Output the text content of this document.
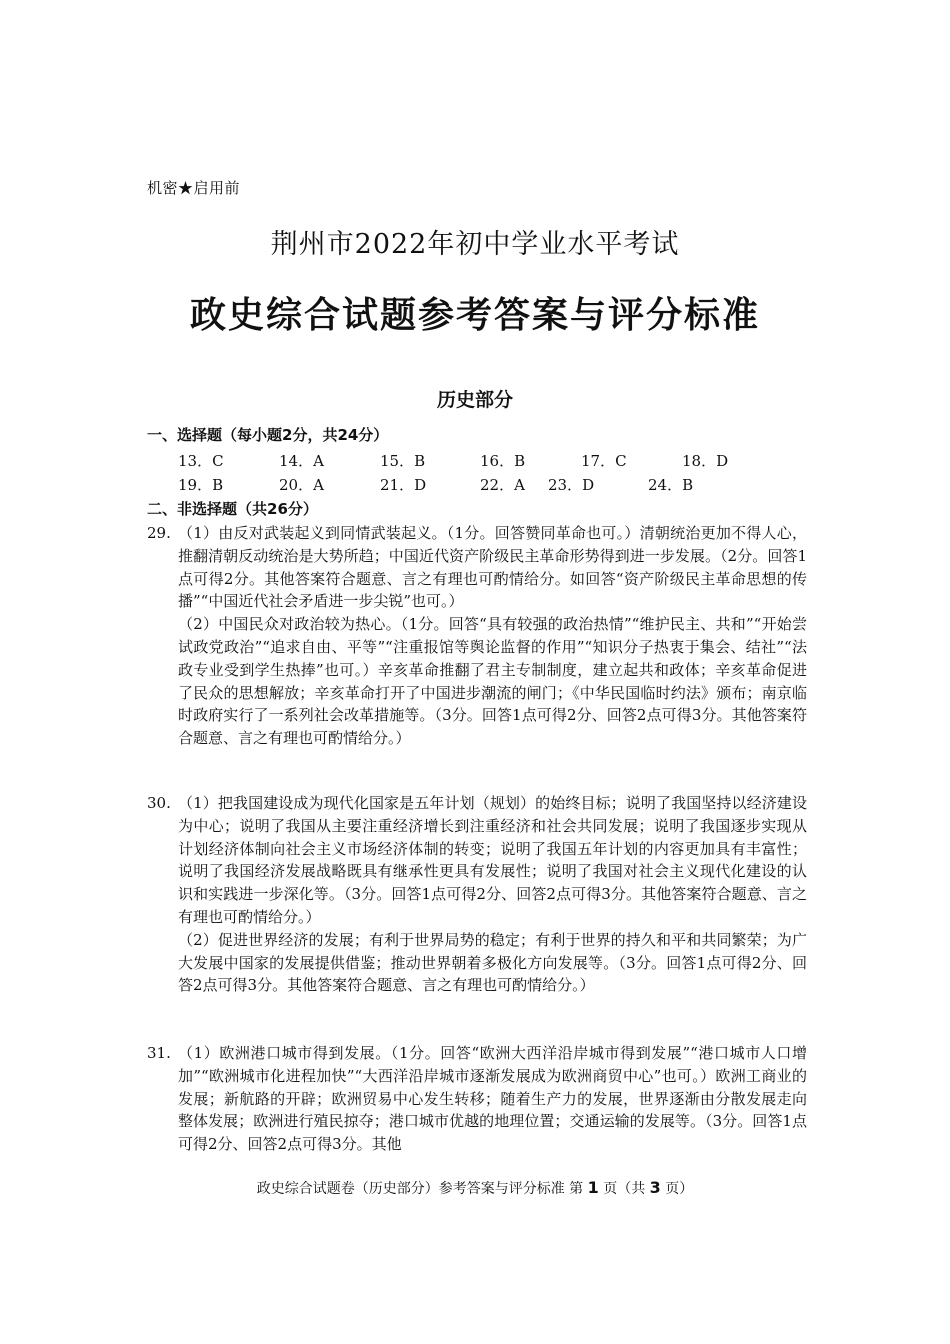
机密★启用前
荆州市2022年初中学业水平考试
政史综合试题参考答案与评分标准
历史部分
一、选择题（每小题2分，共24分）
13．C	14．A	15．B	16．B	17．C	18．D
19．B	20．A	21．D	22．A 23．D	24．B
二、非选择题（共26分）
29. （1）由反对武装起义到同情武装起义。（1分。回答赞同革命也可。）清朝统治更加不得人心，推翻清朝反动统治是大势所趋；中国近代资产阶级民主革命形势得到进一步发展。（2分。回答1点可得2分。其他答案符合题意、言之有理也可酌情给分。如回答“资产阶级民主革命思想的传播”“中国近代社会矛盾进一步尖锐”也可。）

（2）中国民众对政治较为热心。（1分。回答“具有较强的政治热情”“维护民主、共和”“开始尝试政党政治”“追求自由、平等”“注重报馆等舆论监督的作用”“知识分子热衷于集会、结社”“法政专业受到学生热捧”也可。）辛亥革命推翻了君主专制制度，建立起共和政体；辛亥革命促进了民众的思想解放；辛亥革命打开了中国进步潮流的闸门；《中华民国临时约法》颁布；南京临时政府实行了一系列社会改革措施等。（3分。回答1点可得2分、回答2点可得3分。其他答案符合题意、言之有理也可酌情给分。）

30. （1）把我国建设成为现代化国家是五年计划（规划）的始终目标；说明了我国坚持以经济建设为中心；说明了我国从主要注重经济增长到注重经济和社会共同发展；说明了我国逐步实现从计划经济体制向社会主义市场经济体制的转变；说明了我国五年计划的内容更加具有丰富性；说明了我国经济发展战略既具有继承性更具有发展性；说明了我国对社会主义现代化建设的认识和实践进一步深化等。（3分。回答1点可得2分、回答2点可得3分。其他答案符合题意、言之有理也可酌情给分。）

（2）促进世界经济的发展；有利于世界局势的稳定；有利于世界的持久和平和共同繁荣；为广大发展中国家的发展提供借鉴；推动世界朝着多极化方向发展等。（3分。回答1点可得2分、回答2点可得3分。其他答案符合题意、言之有理也可酌情给分。）

31. （1）欧洲港口城市得到发展。（1分。回答“欧洲大西洋沿岸城市得到发展”“港口城市人口增加”“欧洲城市化进程加快”“大西洋沿岸城市逐渐发展成为欧洲商贸中心”也可。）欧洲工商业的发展；新航路的开辟；欧洲贸易中心发生转移；随着生产力的发展，世界逐渐由分散发展走向整体发展；欧洲进行殖民掠夺；港口城市优越的地理位置；交通运输的发展等。（3分。回答1点可得2分、回答2点可得3分。其他

政史综合试题卷（历史部分）参考答案与评分标准 第 1 页（共 3 页）
